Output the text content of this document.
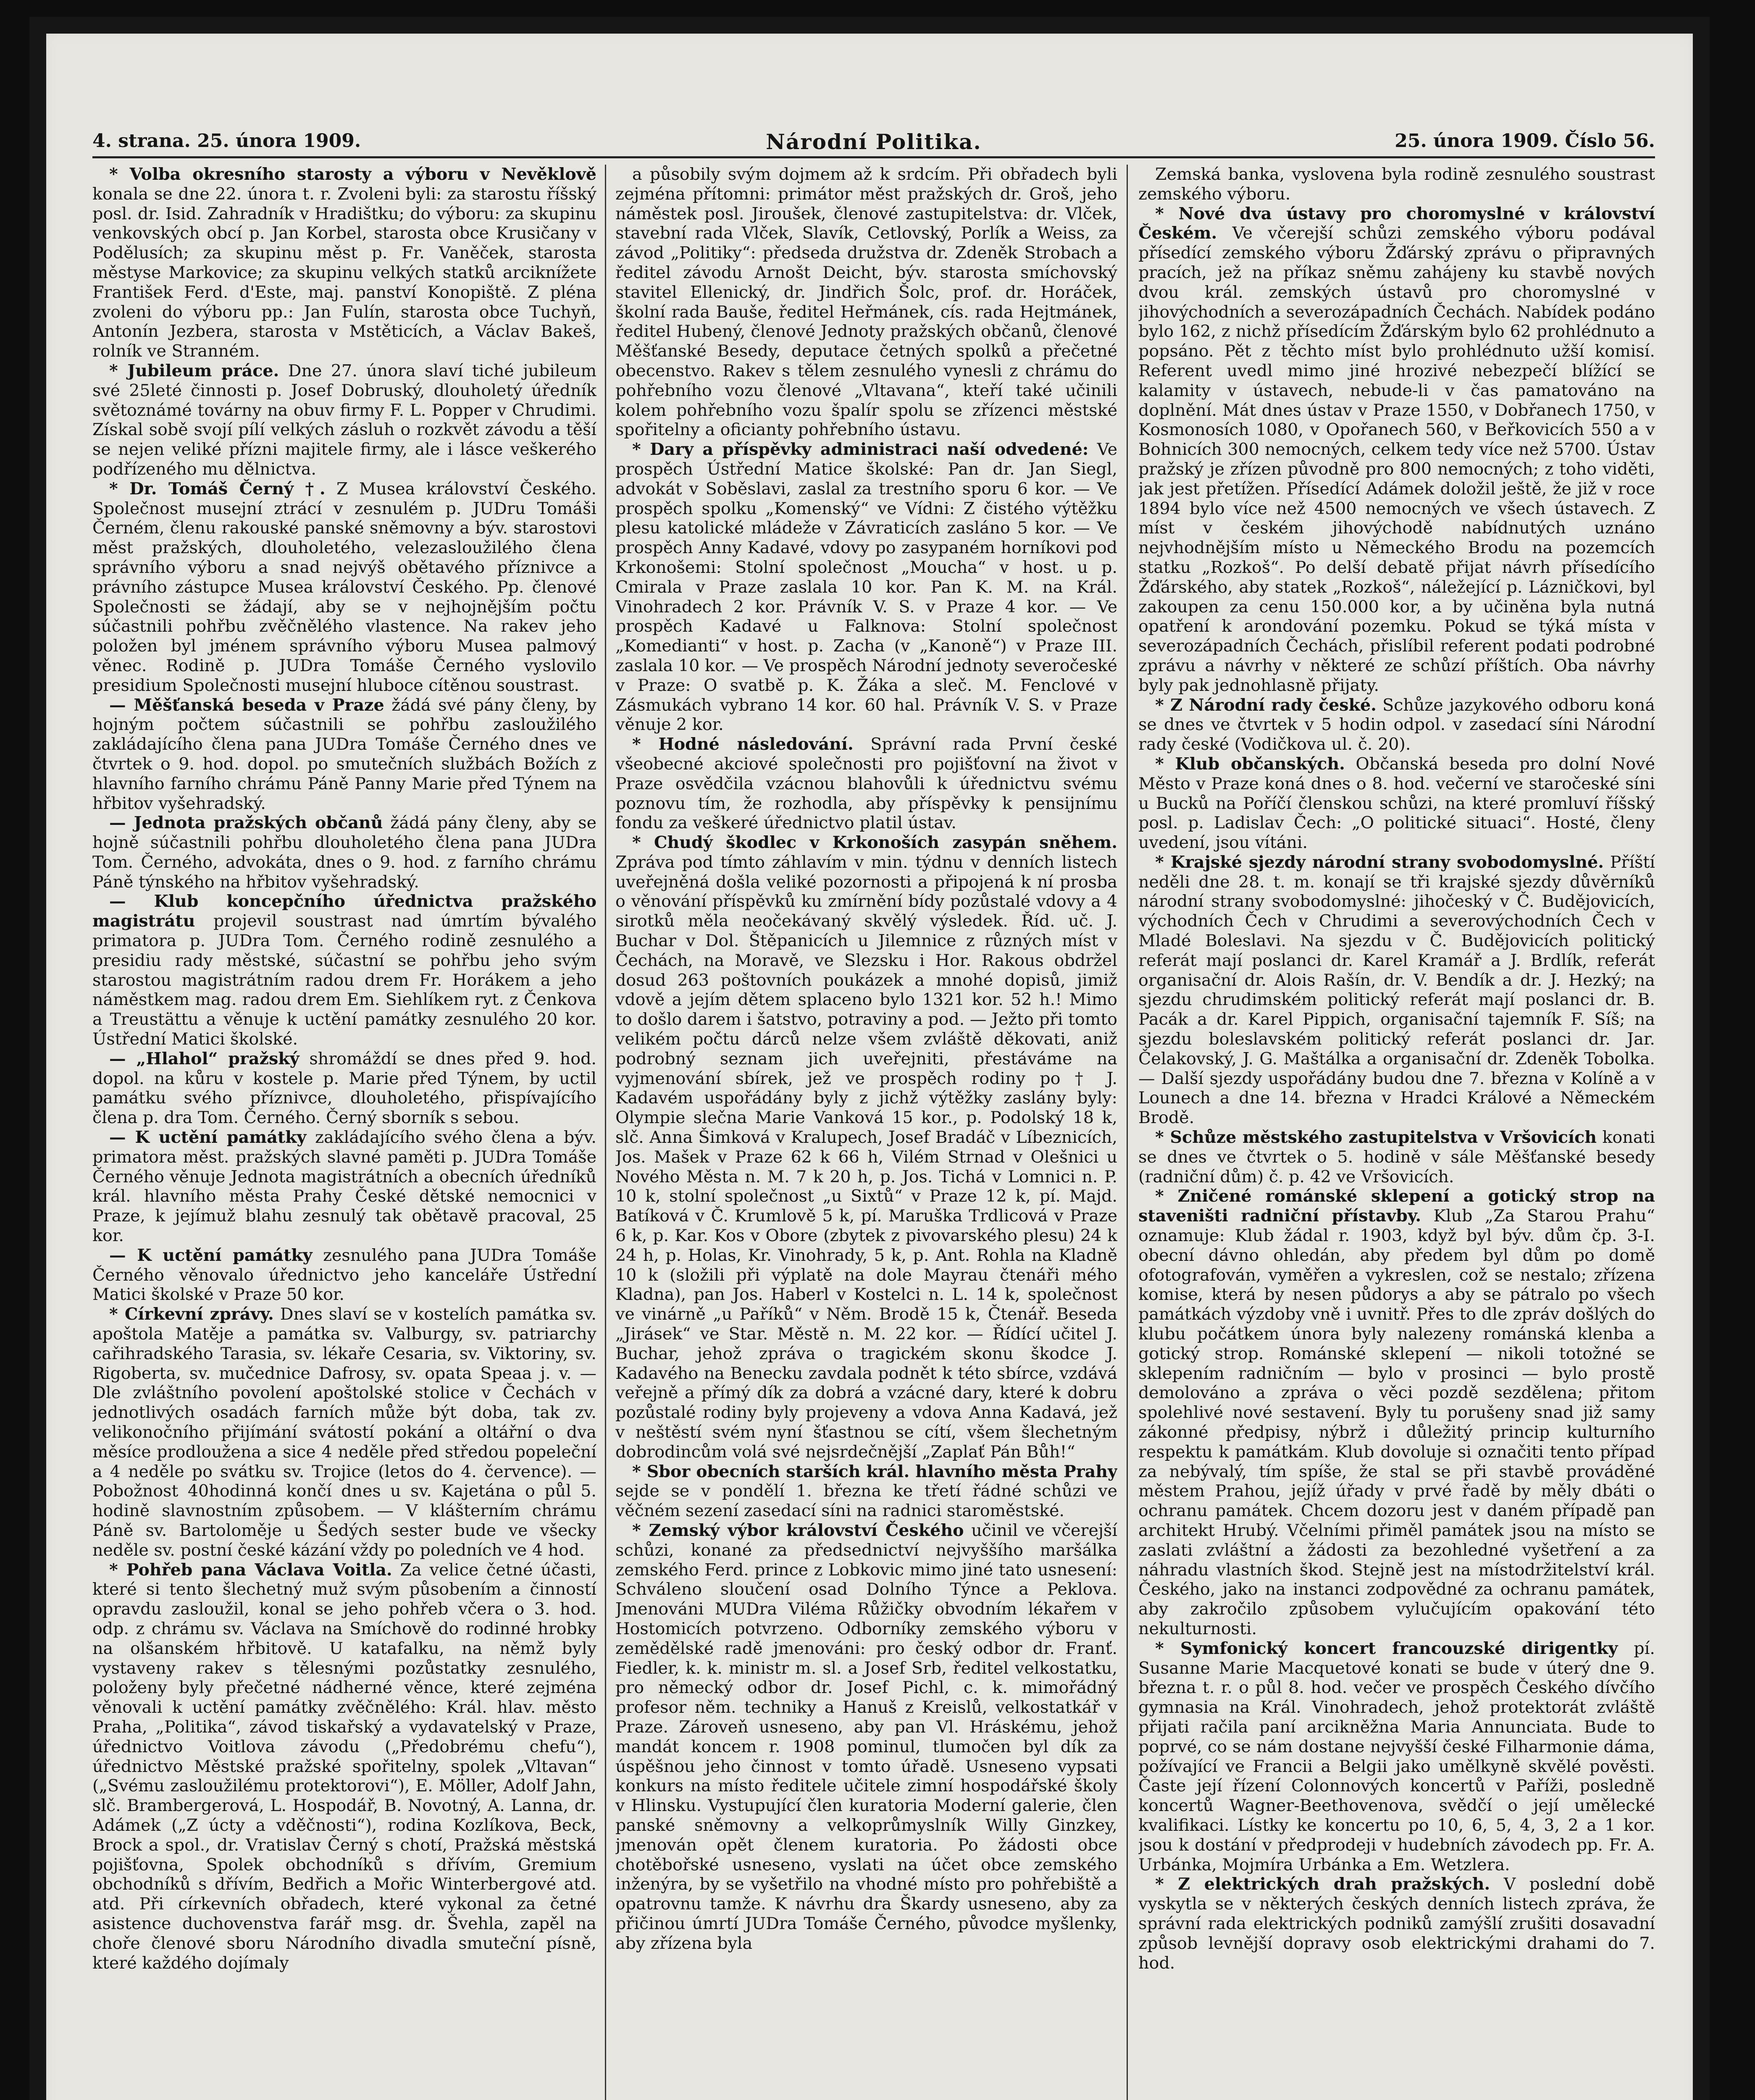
4. strana. 25. února 1909.	Národní Politika.	25. února 1909. Číslo 56.

* Volba okresního starosty a výboru v Nevěklově konala se dne 22. února t. r. Zvoleni byli: za starostu říšský posl. dr. Isid. Zahradník v Hradištku; do výboru: za skupinu venkovských obcí p. Jan Korbel, starosta obce Krusičany v Podělusích; za skupinu měst p. Fr. Vaněček, starosta městyse Markovice; za skupinu velkých statků arciknížete František Ferd. d'Este, maj. panství Konopiště. Z pléna zvoleni do výboru pp.: Jan Fulín, starosta obce Tuchyň, Antonín Jezbera, starosta v Mstěticích, a Václav Bakeš, rolník ve Stranném.

* Jubileum práce. Dne 27. února slaví tiché jubileum své 25leté činnosti p. Josef Dobruský, dlouholetý úředník světoznámé továrny na obuv firmy F. L. Popper v Chrudimi. Získal sobě svojí pílí velkých zásluh o rozkvět závodu a těší se nejen veliké přízni majitele firmy, ale i lásce veškerého podřízeného mu dělnictva.

* Dr. Tomáš Černý †. Z Musea království Českého. Společnost musejní ztrácí v zesnulém p. JUDru Tomáši Černém, členu rakouské panské sněmovny a býv. starostovi měst pražských, dlouholetého, velezasloužilého člena správního výboru a snad nejvýš obětavého příznivce a právního zástupce Musea království Českého. Pp. členové Společnosti se žádají, aby se v nejhojnějším počtu súčastnili pohřbu zvěčnělého vlastence. Na rakev jeho položen byl jménem správního výboru Musea palmový věnec. Rodině p. JUDra Tomáše Černého vyslovilo presidium Společnosti musejní hluboce cítěnou soustrast.

— Měšťanská beseda v Praze žádá své pány členy, by hojným počtem súčastnili se pohřbu zasloužilého zakládajícího člena pana JUDra Tomáše Černého dnes ve čtvrtek o 9. hod. dopol. po smutečních službách Božích z hlavního farního chrámu Páně Panny Marie před Týnem na hřbitov vyšehradský.

— Jednota pražských občanů žádá pány členy, aby se hojně súčastnili pohřbu dlouholetého člena pana JUDra Tom. Černého, advokáta, dnes o 9. hod. z farního chrámu Páně týnského na hřbitov vyšehradský.

— Klub koncepčního úřednictva pražského magistrátu projevil soustrast nad úmrtím bývalého primatora p. JUDra Tom. Černého rodině zesnulého a presidiu rady městské, súčastní se pohřbu jeho svým starostou magistrátním radou drem Fr. Horákem a jeho náměstkem mag. radou drem Em. Siehlíkem ryt. z Čenkova a Treustättu a věnuje k uctění památky zesnulého 20 kor. Ústřední Matici školské.

— „Hlahol“ pražský shromáždí se dnes před 9. hod. dopol. na kůru v kostele p. Marie před Týnem, by uctil památku svého příznivce, dlouholetého, přispívajícího člena p. dra Tom. Černého. Černý sborník s sebou.

— K uctění památky zakládajícího svého člena a býv. primatora měst. pražských slavné paměti p. JUDra Tomáše Černého věnuje Jednota magistrátních a obecních úředníků král. hlavního města Prahy České dětské nemocnici v Praze, k jejímuž blahu zesnulý tak obětavě pracoval, 25 kor.

— K uctění památky zesnulého pana JUDra Tomáše Černého věnovalo úřednictvo jeho kanceláře Ústřední Matici školské v Praze 50 kor.

* Církevní zprávy. Dnes slaví se v kostelích památka sv. apoštola Matěje a památka sv. Valburgy, sv. patriarchy cařihradského Tarasia, sv. lékaře Cesaria, sv. Viktoriny, sv. Rigoberta, sv. mučednice Dafrosy, sv. opata Speaa j. v. — Dle zvláštního povolení apoštolské stolice v Čechách v jednotlivých osadách farních může být doba, tak zv. velikonočního přijímání svátostí pokání a oltářní o dva měsíce prodloužena a sice 4 neděle před středou popeleční a 4 neděle po svátku sv. Trojice (letos do 4. července). — Pobožnost 40hodinná končí dnes u sv. Kajetána o půl 5. hodině slavnostním způsobem. — V klášterním chrámu Páně sv. Bartoloměje u Šedých sester bude ve všecky neděle sv. postní české kázání vždy po poledních ve 4 hod.

* Pohřeb pana Václava Voitla. Za velice četné účasti, které si tento šlechetný muž svým působením a činností opravdu zasloužil, konal se jeho pohřeb včera o 3. hod. odp. z chrámu sv. Václava na Smíchově do rodinné hrobky na olšanském hřbitově. U katafalku, na němž byly vystaveny rakev s tělesnými pozůstatky zesnulého, položeny byly přečetné nádherné věnce, které zejména věnovali k uctění památky zvěčnělého: Král. hlav. město Praha, „Politika“, závod tiskařský a vydavatelský v Praze, úřednictvo Voitlova závodu („Předobrému chefu“), úřednictvo Městské pražské spořitelny, spolek „Vltavan“ („Svému zasloužilému protektorovi“), E. Möller, Adolf Jahn, slč. Brambergerová, L. Hospodář, B. Novotný, A. Lanna, dr. Adámek („Z úcty a vděčnosti“), rodina Kozlíkova, Beck, Brock a spol., dr. Vratislav Černý s chotí, Pražská městská pojišťovna, Spolek obchodníků s dřívím, Gremium obchodníků s dřívím, Bedřich a Mořic Winterbergové atd. atd. Při církevních obřadech, které vykonal za četné asistence duchovenstva farář msg. dr. Švehla, zapěl na choře členové sboru Národního divadla smuteční písně, které každého dojímaly

a působily svým dojmem až k srdcím. Při obřadech byli zejména přítomni: primátor měst pražských dr. Groš, jeho náměstek posl. Jiroušek, členové zastupitelstva: dr. Vlček, stavební rada Vlček, Slavík, Cetlovský, Porlík a Weiss, za závod „Politiky“: předseda družstva dr. Zdeněk Strobach a ředitel závodu Arnošt Deicht, býv. starosta smíchovský stavitel Ellenický, dr. Jindřich Šolc, prof. dr. Horáček, školní rada Bauše, ředitel Heřmánek, cís. rada Hejtmánek, ředitel Hubený, členové Jednoty pražských občanů, členové Měšťanské Besedy, deputace četných spolků a přečetné obecenstvo. Rakev s tělem zesnulého vynesli z chrámu do pohřebního vozu členové „Vltavana“, kteří také učinili kolem pohřebního vozu špalír spolu se zřízenci městské spořitelny a oficianty pohřebního ústavu.

* Dary a příspěvky administraci naší odvedené: Ve prospěch Ústřední Matice školské: Pan dr. Jan Siegl, advokát v Soběslavi, zaslal za trestního sporu 6 kor. — Ve prospěch spolku „Komenský“ ve Vídni: Z čistého výtěžku plesu katolické mládeže v Závraticích zasláno 5 kor. — Ve prospěch Anny Kadavé, vdovy po zasypaném horníkovi pod Krkonošemi: Stolní společnost „Moucha“ v host. u p. Cmirala v Praze zaslala 10 kor. Pan K. M. na Král. Vinohradech 2 kor. Právník V. S. v Praze 4 kor. — Ve prospěch Kadavé u Falknova: Stolní společnost „Komedianti“ v host. p. Zacha (v „Kanoně“) v Praze III. zaslala 10 kor. — Ve prospěch Národní jednoty severočeské v Praze: O svatbě p. K. Žáka a sleč. M. Fenclové v Zásmukách vybrano 14 kor. 60 hal. Právník V. S. v Praze věnuje 2 kor.

* Hodné následování. Správní rada První české všeobecné akciové společnosti pro pojišťovní na život v Praze osvědčila vzácnou blahovůli k úřednictvu svému poznovu tím, že rozhodla, aby příspěvky k pensijnímu fondu za veškeré úřednictvo platil ústav.

* Chudý škodlec v Krkonoších zasypán sněhem. Zpráva pod tímto záhlavím v min. týdnu v denních listech uveřejněná došla veliké pozornosti a připojená k ní prosba o věnování příspěvků ku zmírnění bídy pozůstalé vdovy a 4 sirotků měla neočekávaný skvělý výsledek. Říd. uč. J. Buchar v Dol. Štěpanicích u Jilemnice z různých míst v Čechách, na Moravě, ve Slezsku i Hor. Rakous obdržel dosud 263 poštovních poukázek a mnohé dopisů, jimiž vdově a jejím dětem splaceno bylo 1321 kor. 52 h.! Mimo to došlo darem i šatstvo, potraviny a pod. — Ježto při tomto velikém počtu dárců nelze všem zvláště děkovati, aniž podrobný seznam jich uveřejniti, přestáváme na vyjmenování sbírek, jež ve prospěch rodiny po † J. Kadavém uspořádány byly z jichž výtěžky zaslány byly: Olympie slečna Marie Vanková 15 kor., p. Podolský 18 k, slč. Anna Šimková v Kralupech, Josef Bradáč v Líbeznicích, Jos. Mašek v Praze 62 k 66 h, Vilém Strnad v Olešnici u Nového Města n. M. 7 k 20 h, p. Jos. Tichá v Lomnici n. P. 10 k, stolní společnost „u Sixtů“ v Praze 12 k, pí. Majd. Batíková v Č. Krumlově 5 k, pí. Maruška Trdlicová v Praze 6 k, p. Kar. Kos v Obore (zbytek z pivovarského plesu) 24 k 24 h, p. Holas, Kr. Vinohrady, 5 k, p. Ant. Rohla na Kladně 10 k (složili při výplatě na dole Mayrau čtenáři mého Kladna), pan Jos. Haberl v Kostelci n. L. 14 k, společnost ve vinárně „u Paříků“ v Něm. Brodě 15 k, Čtenář. Beseda „Jirásek“ ve Star. Městě n. M. 22 kor. — Řídící učitel J. Buchar, jehož zpráva o tragickém skonu škodce J. Kadavého na Benecku zavdala podnět k této sbírce, vzdává veřejně a přímý dík za dobrá a vzácné dary, které k dobru pozůstalé rodiny byly projeveny a vdova Anna Kadavá, jež v neštěstí svém nyní šťastnou se cítí, všem šlechetným dobrodincům volá své nejsrdečnější „Zaplať Pán Bůh!“

* Sbor obecních starších král. hlavního města Prahy sejde se v pondělí 1. března ke třetí řádné schůzi ve věčném sezení zasedací síni na radnici staroměstské.

* Zemský výbor království Českého učinil ve včerejší schůzi, konané za předsednictví nejvyššího maršálka zemského Ferd. prince z Lobkovic mimo jiné tato usnesení: Schváleno sloučení osad Dolního Týnce a Peklova. Jmenováni MUDra Viléma Růžičky obvodním lékařem v Hostomicích potvrzeno. Odborníky zemského výboru v zemědělské radě jmenováni: pro český odbor dr. Franť. Fiedler, k. k. ministr m. sl. a Josef Srb, ředitel velkostatku, pro německý odbor dr. Josef Pichl, c. k. mimořádný profesor něm. techniky a Hanuš z Kreislů, velkostatkář v Praze. Zároveň usneseno, aby pan Vl. Hráskému, jehož mandát koncem r. 1908 pominul, tlumočen byl dík za úspěšnou jeho činnost v tomto úřadě. Usneseno vypsati konkurs na místo ředitele učitele zimní hospodářské školy v Hlinsku. Vystupující člen kuratoria Moderní galerie, člen panské sněmovny a velkoprůmyslník Willy Ginzkey, jmenován opět členem kuratoria. Po žádosti obce chotěbořské usneseno, vyslati na účet obce zemského inženýra, by se vyšetřilo na vhodné místo pro pohřebiště a opatrovnu tamže. K návrhu dra Škardy usneseno, aby za přičinou úmrtí JUDra Tomáše Černého, původce myšlenky, aby zřízena byla

Zemská banka, vyslovena byla rodině zesnulého soustrast zemského výboru.

* Nové dva ústavy pro choromyslné v království Českém. Ve včerejší schůzi zemského výboru podával přísedící zemského výboru Žďárský zprávu o připravných pracích, jež na příkaz sněmu zahájeny ku stavbě nových dvou král. zemských ústavů pro choromyslné v jihovýchodních a severozápadních Čechách. Nabídek podáno bylo 162, z nichž přísedícím Žďárským bylo 62 prohlédnuto a popsáno. Pět z těchto míst bylo prohlédnuto užší komisí. Referent uvedl mimo jiné hrozivé nebezpečí blížící se kalamity v ústavech, nebude-li v čas pamatováno na doplnění. Mát dnes ústav v Praze 1550, v Dobřanech 1750, v Kosmonosích 1080, v Opořanech 560, v Beřkovicích 550 a v Bohnicích 300 nemocných, celkem tedy více než 5700. Ústav pražský je zřízen původně pro 800 nemocných; z toho viděti, jak jest přetížen. Přísedící Adámek doložil ještě, že již v roce 1894 bylo více než 4500 nemocných ve všech ústavech. Z míst v českém jihovýchodě nabídnutých uznáno nejvhodnějším místo u Německého Brodu na pozemcích statku „Rozkoš“. Po delší debatě přijat návrh přísedícího Žďárského, aby statek „Rozkoš“, náležející p. Lázničkovi, byl zakoupen za cenu 150.000 kor, a by učiněna byla nutná opatření k arondování pozemku. Pokud se týká místa v severozápadních Čechách, přislíbil referent podati podrobné zprávu a návrhy v některé ze schůzí příštích. Oba návrhy byly pak jednohlasně přijaty.

* Z Národní rady české. Schůze jazykového odboru koná se dnes ve čtvrtek v 5 hodin odpol. v zasedací síni Národní rady české (Vodičkova ul. č. 20).

* Klub občanských. Občanská beseda pro dolní Nové Město v Praze koná dnes o 8. hod. večerní ve staročeské síni u Bucků na Poříčí členskou schůzi, na které promluví říšský posl. p. Ladislav Čech: „O politické situaci“. Hosté, členy uvedení, jsou vítáni.

* Krajské sjezdy národní strany svobodomyslné. Příští neděli dne 28. t. m. konají se tři krajské sjezdy důvěrníků národní strany svobodomyslné: jihočeský v Č. Budějovicích, východních Čech v Chrudimi a severovýchodních Čech v Mladé Boleslavi. Na sjezdu v Č. Budějovicích politický referát mají poslanci dr. Karel Kramář a J. Brdlík, referát organisační dr. Alois Rašín, dr. V. Bendík a dr. J. Hezký; na sjezdu chrudimském politický referát mají poslanci dr. B. Pacák a dr. Karel Pippich, organisační tajemník F. Síš; na sjezdu boleslavském politický referát poslanci dr. Jar. Čelakovský, J. G. Maštálka a organisační dr. Zdeněk Tobolka. — Další sjezdy uspořádány budou dne 7. března v Kolíně a v Lounech a dne 14. března v Hradci Králové a Německém Brodě.

* Schůze městského zastupitelstva v Vršovicích konati se dnes ve čtvrtek o 5. hodině v sále Měšťanské besedy (radniční dům) č. p. 42 ve Vršovicích.

* Zničené románské sklepení a gotický strop na staveništi radniční přístavby. Klub „Za Starou Prahu“ oznamuje: Klub žádal r. 1903, když byl býv. dům čp. 3-I. obecní dávno ohledán, aby předem byl dům po domě ofotografován, vyměřen a vykreslen, což se nestalo; zřízena komise, která by nesen půdorys a aby se pátralo po všech památkách výzdoby vně i uvnitř. Přes to dle zpráv došlých do klubu počátkem února byly nalezeny románská klenba a gotický strop. Románské sklepení — nikoli totožné se sklepením radničním — bylo v prosinci — bylo prostě demolováno a zpráva o věci pozdě sezdělena; přitom spolehlivé nové sestavení. Byly tu porušeny snad již samy zákonné předpisy, nýbrž i důležitý princip kulturního respektu k památkám. Klub dovoluje si označiti tento případ za nebývalý, tím spíše, že stal se při stavbě prováděné městem Prahou, jejíž úřady v prvé řadě by měly dbáti o ochranu památek. Chcem dozoru jest v daném případě pan architekt Hrubý. Včelními přiměl památek jsou na místo se zaslati zvláštní a žádosti za bezohledné vyšetření a za náhradu vlastních škod. Stejně jest na místodržitelství král. Českého, jako na instanci zodpovědné za ochranu památek, aby zakročilo způsobem vylučujícím opakování této nekulturnosti.

* Symfonický koncert francouzské dirigentky pí. Susanne Marie Macquetové konati se bude v úterý dne 9. března t. r. o půl 8. hod. večer ve prospěch Českého dívčího gymnasia na Král. Vinohradech, jehož protektorát zvláště přijati račila paní arcikněžna Maria Annunciata. Bude to poprvé, co se nám dostane nejvyšší české Filharmonie dáma, požívající ve Francii a Belgii jako umělkyně skvělé pověsti. Časte její řízení Colonnových koncertů v Paříži, posledně koncertů Wagner-Beethovenova, svědčí o její umělecké kvalifikaci. Lístky ke koncertu po 10, 6, 5, 4, 3, 2 a 1 kor. jsou k dostání v předprodeji v hudebních závodech pp. Fr. A. Urbánka, Mojmíra Urbánka a Em. Wetzlera.

* Z elektrických drah pražských. V poslední době vyskytla se v některých českých denních listech zpráva, že správní rada elektrických podniků zamýšlí zrušiti dosavadní způsob levnější dopravy osob elektrickými drahami do 7. hod.
